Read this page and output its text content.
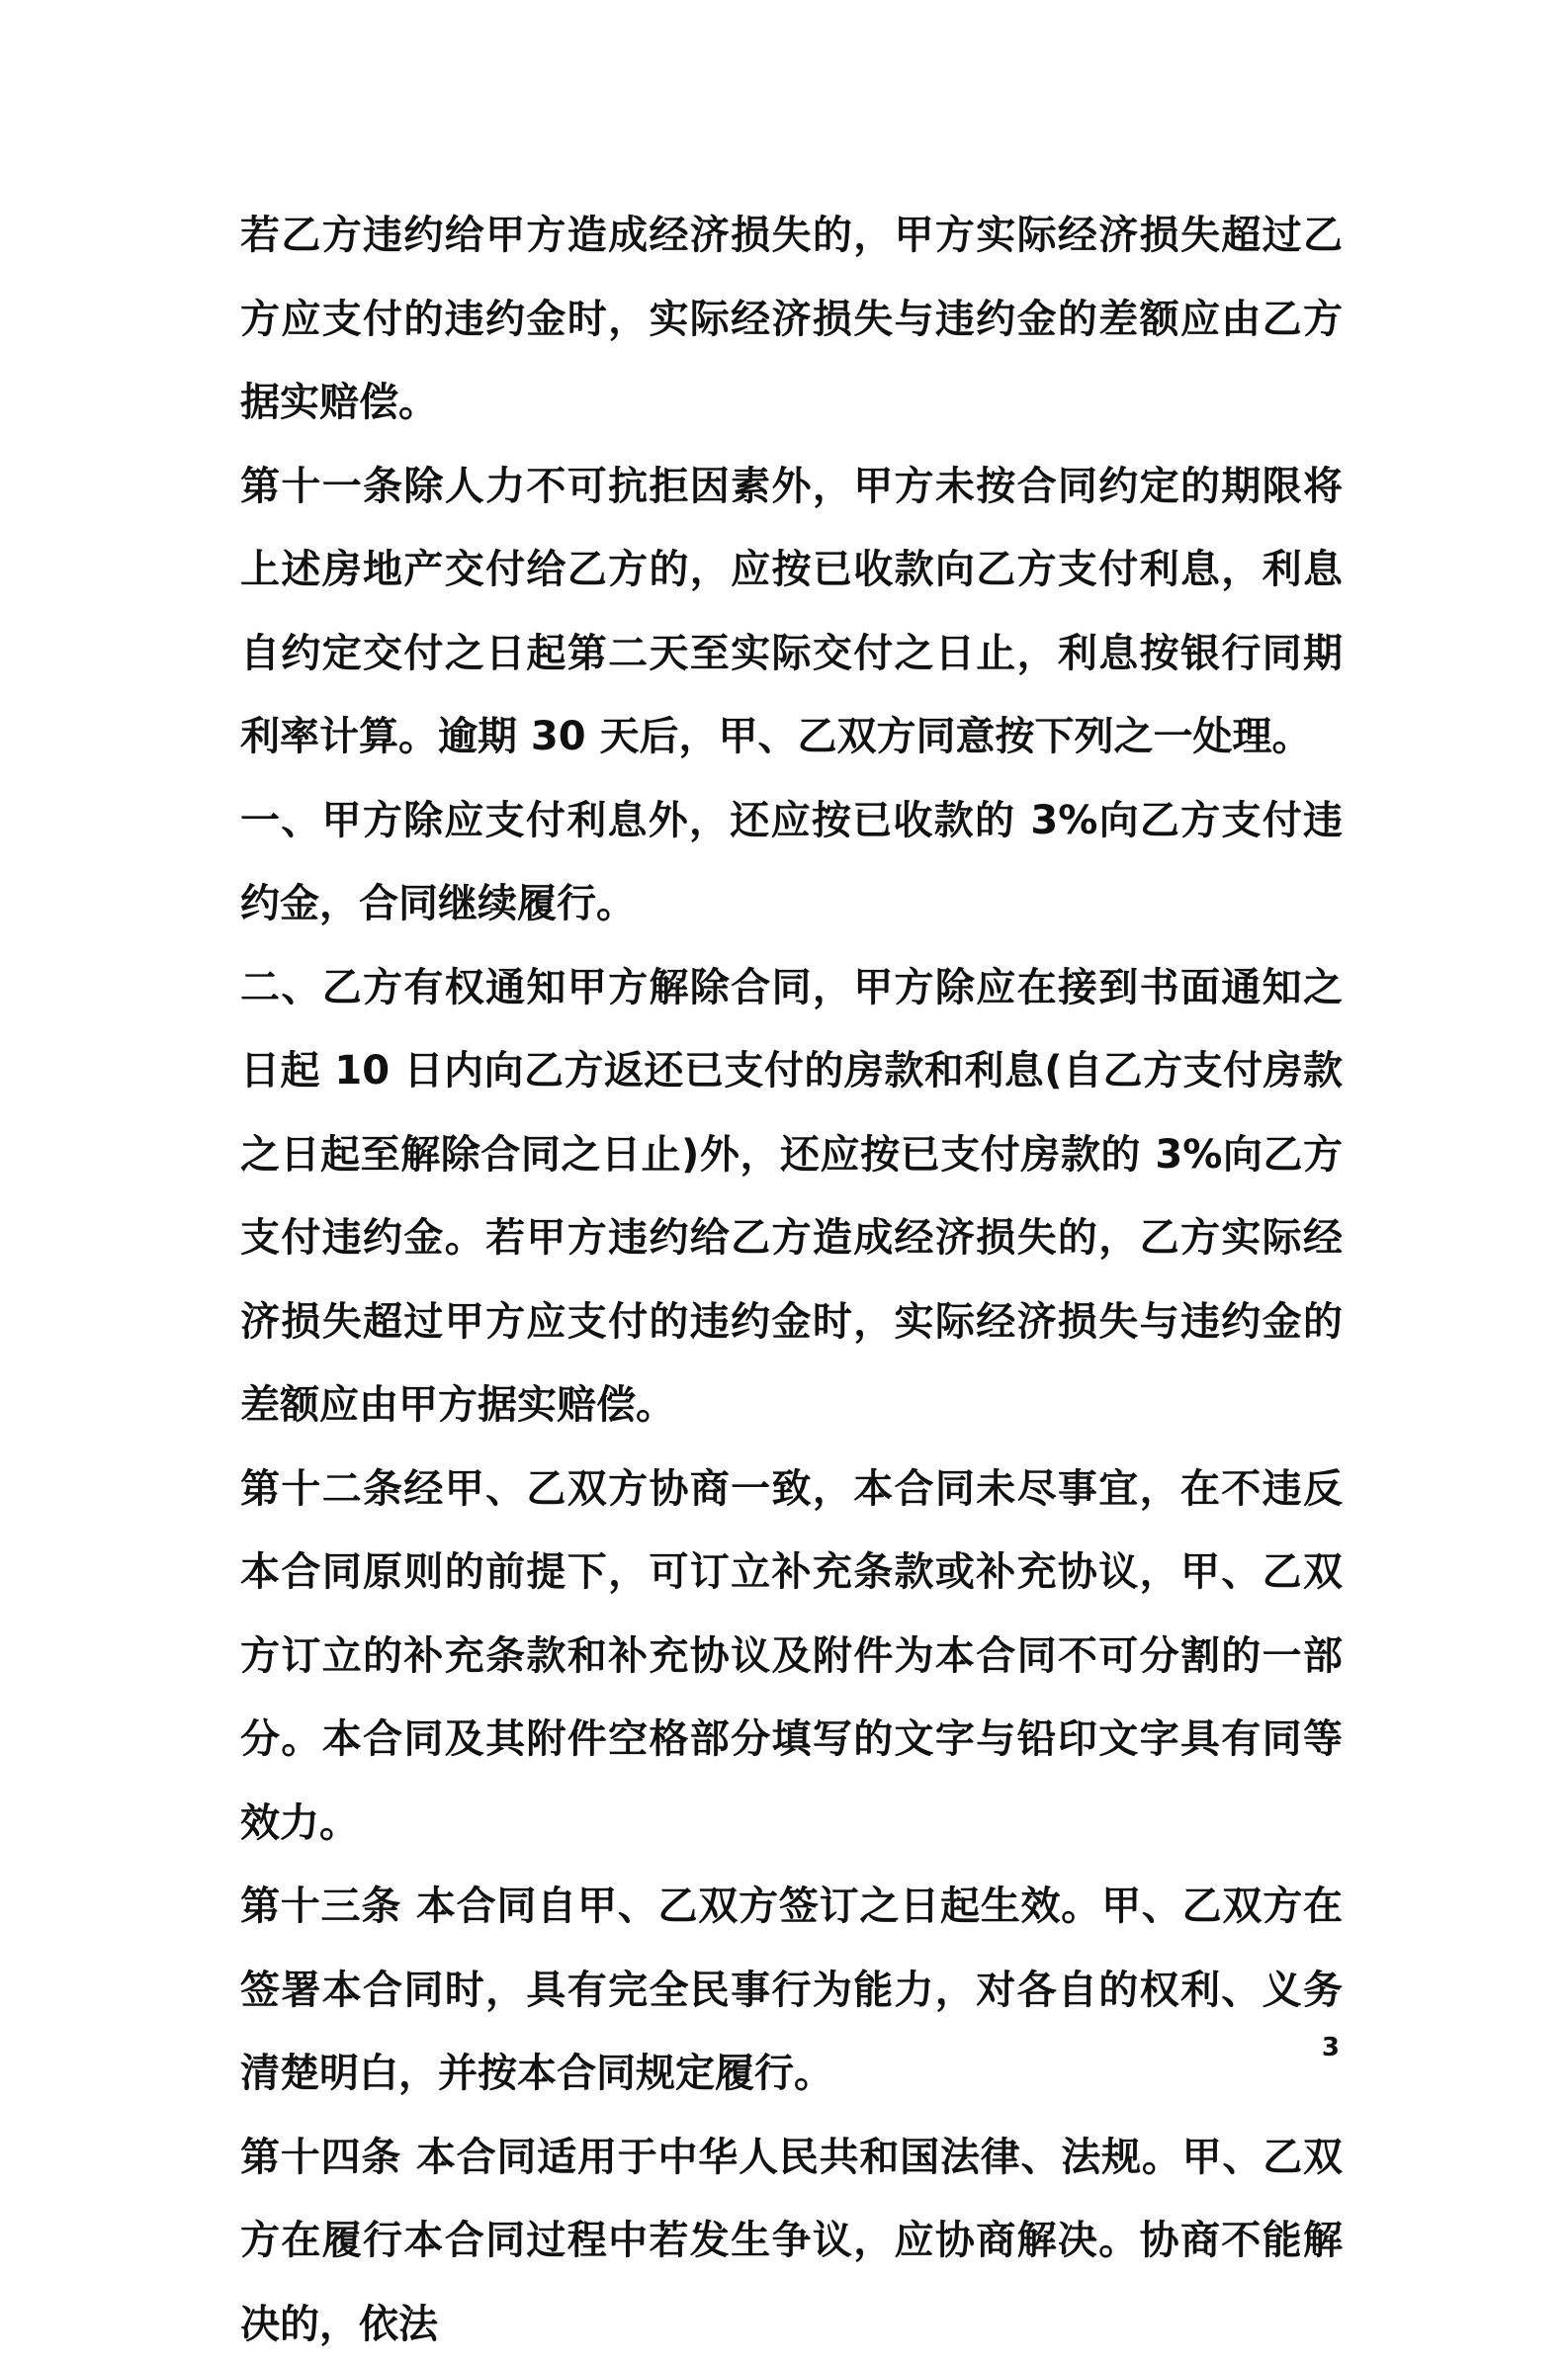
若乙方违约给甲方造成经济损失的，甲方实际经济损失超过乙方应支付的违约金时，实际经济损失与违约金的差额应由乙方据实赔偿。

第十一条除人力不可抗拒因素外，甲方未按合同约定的期限将上述房地产交付给乙方的，应按已收款向乙方支付利息，利息自约定交付之日起第二天至实际交付之日止，利息按银行同期利率计算。逾期 30 天后，甲、乙双方同意按下列之一处理。

一、甲方除应支付利息外，还应按已收款的 3%向乙方支付违约金，合同继续履行。

二、乙方有权通知甲方解除合同，甲方除应在接到书面通知之日起 10 日内向乙方返还已支付的房款和利息(自乙方支付房款之日起至解除合同之日止)外，还应按已支付房款的 3%向乙方支付违约金。若甲方违约给乙方造成经济损失的，乙方实际经济损失超过甲方应支付的违约金时，实际经济损失与违约金的差额应由甲方据实赔偿。

第十二条经甲、乙双方协商一致，本合同未尽事宜，在不违反本合同原则的前提下，可订立补充条款或补充协议，甲、乙双方订立的补充条款和补充协议及附件为本合同不可分割的一部分。本合同及其附件空格部分填写的文字与铅印文字具有同等效力。

第十三条 本合同自甲、乙双方签订之日起生效。甲、乙双方在签署本合同时，具有完全民事行为能力，对各自的权利、义务清楚明白，并按本合同规定履行。

第十四条 本合同适用于中华人民共和国法律、法规。甲、乙双方在履行本合同过程中若发生争议，应协商解决。协商不能解决的，依法

3
